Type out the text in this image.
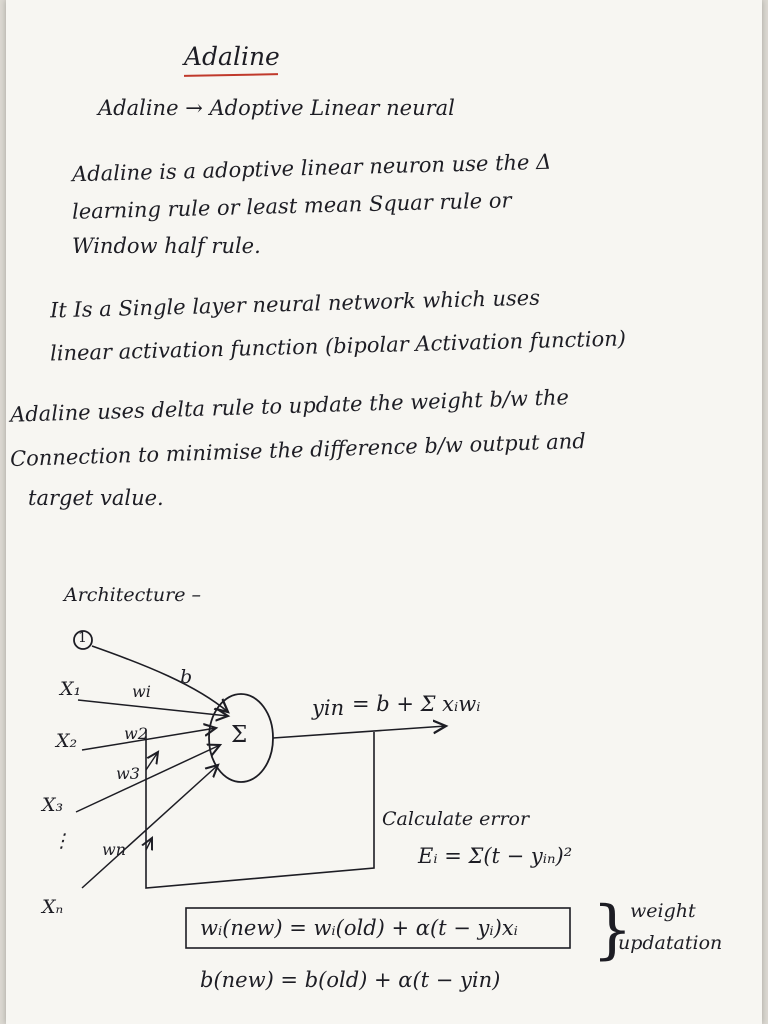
Adaline
Adaline → Adoptive Linear neural
Adaline is a adoptive linear neuron use the Δ
learning rule or least mean Squar rule or
Window half rule.
It Is a Single layer neural network which uses
linear activation function (bipolar Activation function)
Adaline uses delta rule to update the weight b/w the
Connection to minimise the difference b/w output and
target value.
Architecture –
1
b
X₁
X₂
X₃
⋮
Xₙ
wi
w2
w3
wn
Σ
yin = b + Σ xᵢwᵢ
Calculate error
Eᵢ = Σ(t − yᵢₙ)²
wᵢ(new) = wᵢ(old) + α(t − yᵢ)xᵢ
b(new) = b(old) + α(t − yin)
}
weight
updatation
